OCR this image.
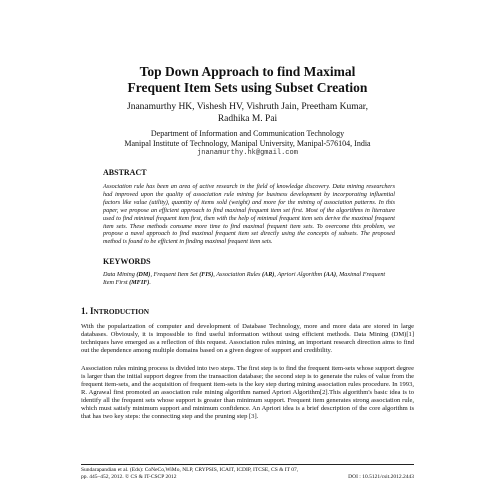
Top Down Approach to find Maximal
Frequent Item Sets using Subset Creation
Jnanamurthy HK, Vishesh HV, Vishruth Jain, Preetham Kumar,
Radhika M. Pai
Department of Information and Communication Technology
Manipal Institute of Technology, Manipal University, Manipal-576104, India
jnanamurthy.hk@gmail.com
ABSTRACT
Association rule has been an area of active research in the field of knowledge discovery. Data mining researchers had improved upon the quality of association rule mining for business development by incorporating influential factors like value (utility), quantity of items sold (weight) and more for the mining of association patterns. In this paper, we propose an efficient approach to find maximal frequent item set first. Most of the algorithms in literature used to find minimal frequent item first, then with the help of minimal frequent item sets derive the maximal frequent item sets. These methods consume more time to find maximal frequent item sets. To overcome this problem, we propose a navel approach to find maximal frequent item set directly using the concepts of subsets. The proposed method is found to be efficient in finding maximal frequent item sets.
KEYWORDS
Data Mining (DM), Frequent Item Set (FIS), Association Rules (AR), Apriori Algorithm (AA), Maximal Frequent Item First (MFIF).
1. INTRODUCTION
With the popularization of computer and development of Database Technology, more and more data are stored in large databases. Obviously, it is impossible to find useful information without using efficient methods. Data Mining (DM)[1] techniques have emerged as a reflection of this request. Association rules mining, an important research direction aims to find out the dependence among multiple domains based on a given degree of support and credibility.
Association rules mining process is divided into two steps. The first step is to find the frequent item-sets whose support degree is larger than the initial support degree from the transaction database; the second step is to generate the rules of value from the frequent item-sets, and the acquisition of frequent item-sets is the key step during mining association rules procedure. In 1993, R. Agrawal first promoted an association rule mining algorithm named Apriori Algorithm[2].This algorithm's basic idea is to identify all the frequent sets whose support is greater than minimum support. Frequent item generates strong association rule, which must satisfy minimum support and minimum confidence. An Apriori idea is a brief description of the core algorithm is that has two key steps: the connecting step and the pruning step [3].
Sundarapandian et al. (Eds): CoNeCo,WiMo, NLP, CRYPSIS, ICAIT, ICDIP, ITCSE, CS & IT 07,
pp. 445–452, 2012. © CS & IT-CSCP 2012	DOI : 10.5121/csit.2012.2443
